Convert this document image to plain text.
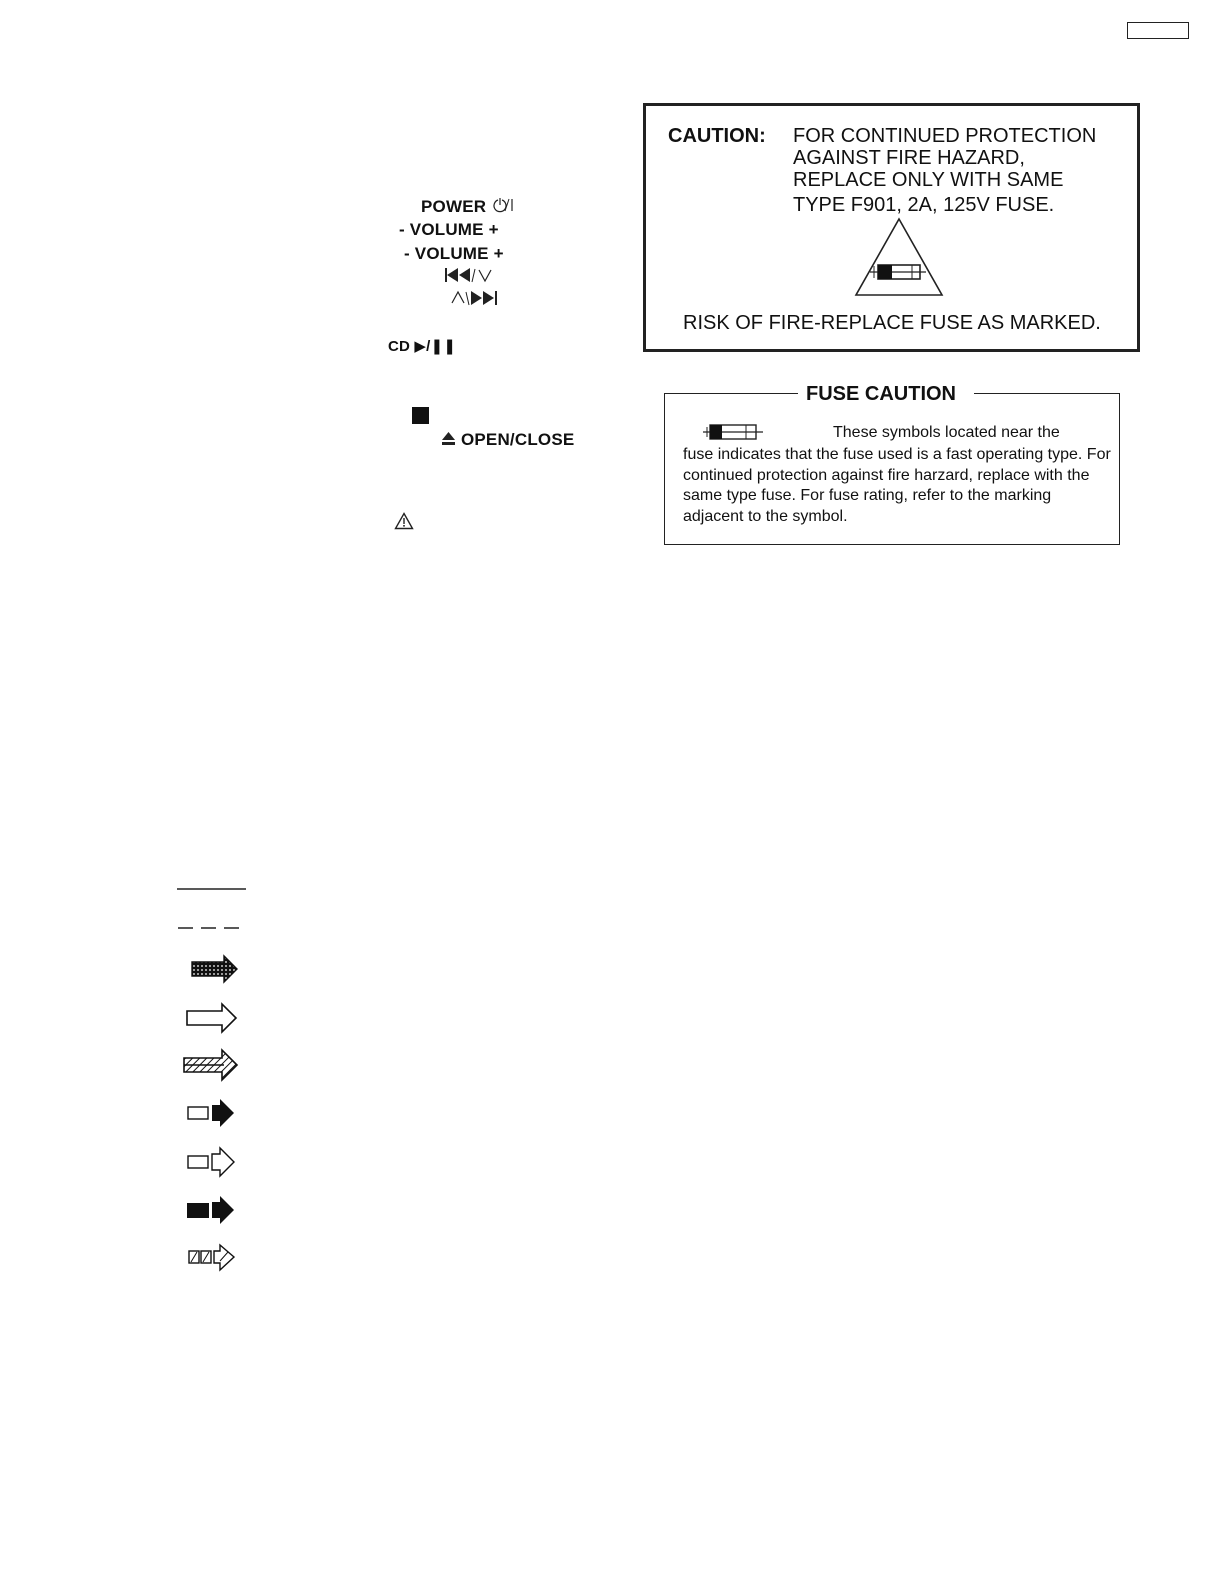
POWER
- VOLUME +
- VOLUME +
CD ▶/❚❚
OPEN/CLOSE
CAUTION: FOR CONTINUED PROTECTION
AGAINST FIRE HAZARD,
REPLACE ONLY WITH SAME
TYPE F901, 2A, 125V FUSE.
RISK OF FIRE-REPLACE FUSE AS MARKED.
FUSE CAUTION
These symbols located near the
fuse indicates that the fuse used is a fast operating type. For continued protection against fire harzard, replace with the same type fuse. For fuse rating, refer to the marking adjacent to the symbol.
